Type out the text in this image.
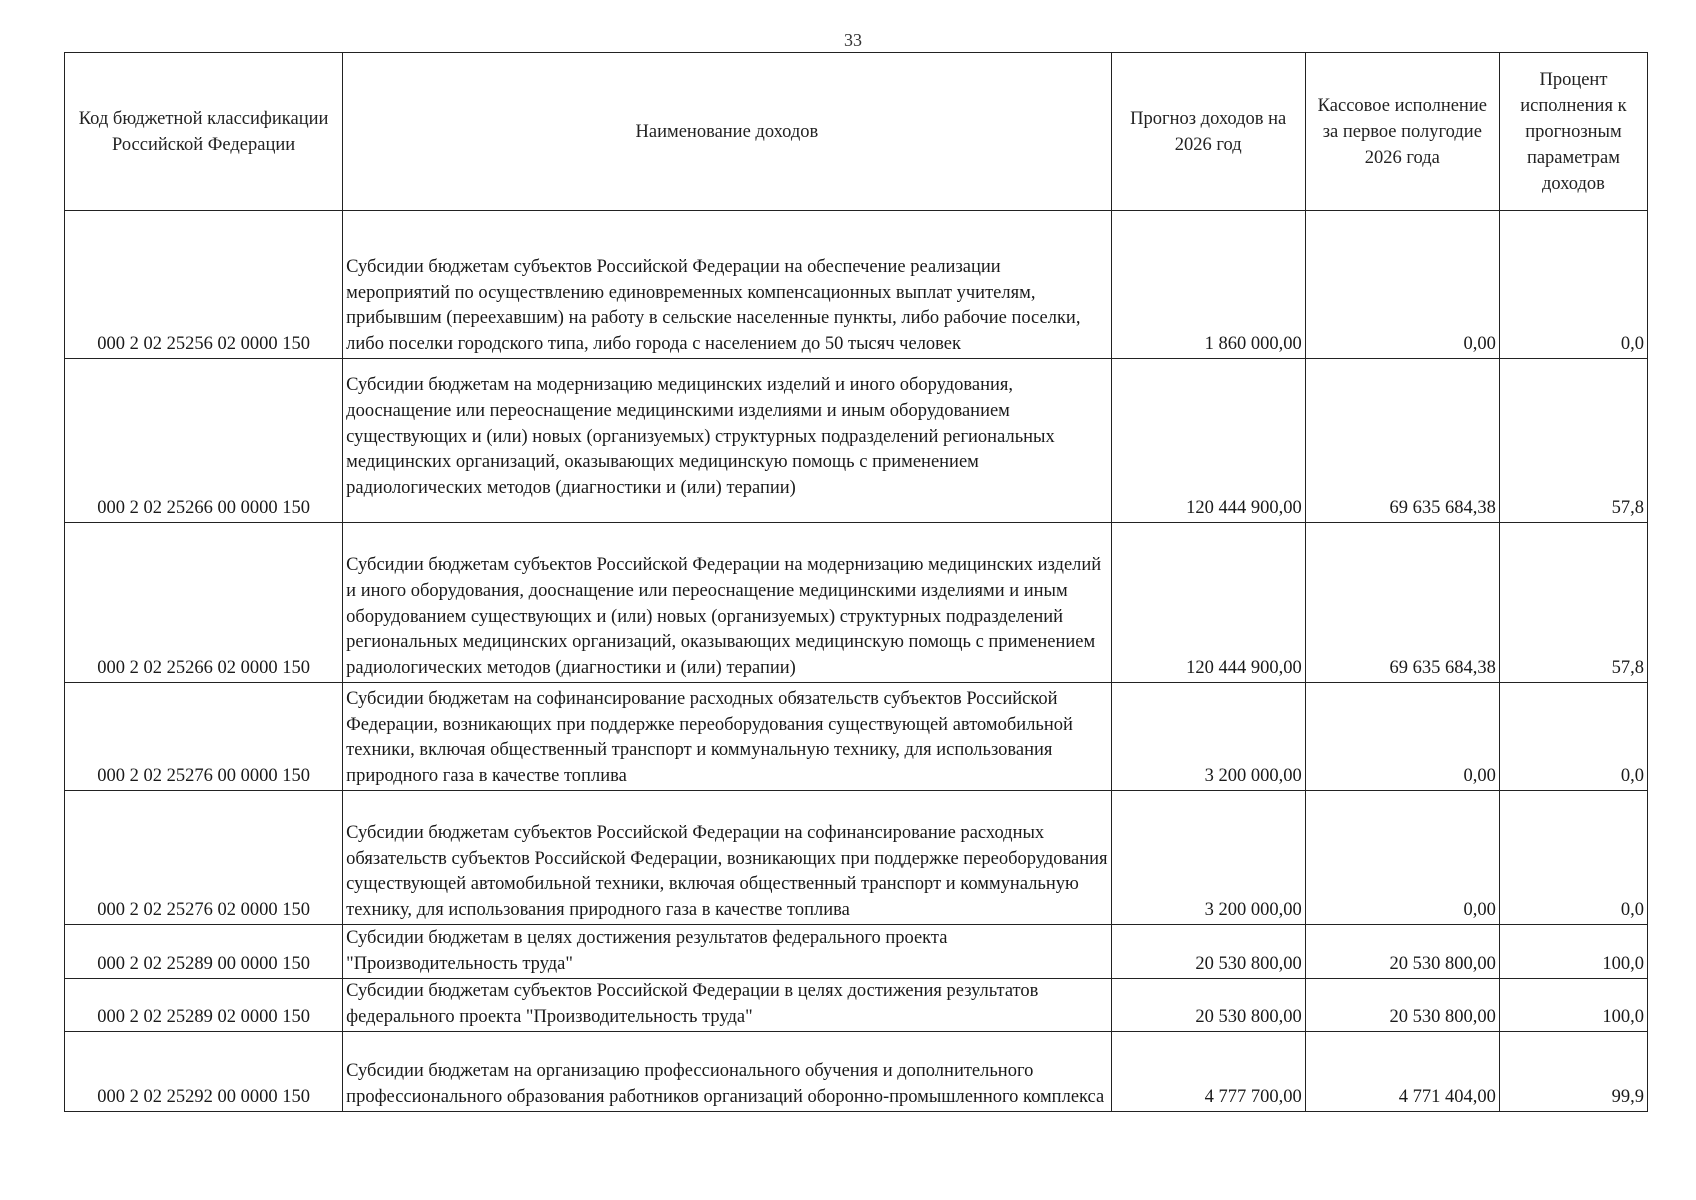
33
Код бюджетной классификации Российской Федерации	Наименование доходов	Прогноз доходов на 2026 год	Кассовое исполнение за первое полугодие 2026 года	Процент исполнения к прогнозным параметрам доходов
000 2 02 25256 02 0000 150	Субсидии бюджетам субъектов Российской Федерации на обеспечение реализации мероприятий по осуществлению единовременных компенсационных выплат учителям, прибывшим (переехавшим) на работу в сельские населенные пункты, либо рабочие поселки, либо поселки городского типа, либо города с населением до 50 тысяч человек	1 860 000,00	0,00	0,0
000 2 02 25266 00 0000 150	Субсидии бюджетам на модернизацию медицинских изделий и иного оборудования, дооснащение или переоснащение медицинскими изделиями и иным оборудованием существующих и (или) новых (организуемых) структурных подразделений региональных медицинских организаций, оказывающих медицинскую помощь с применением радиологических методов (диагностики и (или) терапии)	120 444 900,00	69 635 684,38	57,8
000 2 02 25266 02 0000 150	Субсидии бюджетам субъектов Российской Федерации на модернизацию медицинских изделий и иного оборудования, дооснащение или переоснащение медицинскими изделиями и иным оборудованием существующих и (или) новых (организуемых) структурных подразделений региональных медицинских организаций, оказывающих медицинскую помощь с применением радиологических методов (диагностики и (или) терапии)	120 444 900,00	69 635 684,38	57,8
000 2 02 25276 00 0000 150	Субсидии бюджетам на софинансирование расходных обязательств субъектов Российской Федерации, возникающих при поддержке переоборудования существующей автомобильной техники, включая общественный транспорт и коммунальную технику, для использования природного газа в качестве топлива	3 200 000,00	0,00	0,0
000 2 02 25276 02 0000 150	Субсидии бюджетам субъектов Российской Федерации на софинансирование расходных обязательств субъектов Российской Федерации, возникающих при поддержке переоборудования существующей автомобильной техники, включая общественный транспорт и коммунальную технику, для использования природного газа в качестве топлива	3 200 000,00	0,00	0,0
000 2 02 25289 00 0000 150	Субсидии бюджетам в целях достижения результатов федерального проекта "Производительность труда"	20 530 800,00	20 530 800,00	100,0
000 2 02 25289 02 0000 150	Субсидии бюджетам субъектов Российской Федерации в целях достижения результатов федерального проекта "Производительность труда"	20 530 800,00	20 530 800,00	100,0
000 2 02 25292 00 0000 150	Субсидии бюджетам на организацию профессионального обучения и дополнительного профессионального образования работников организаций оборонно-промышленного комплекса	4 777 700,00	4 771 404,00	99,9
